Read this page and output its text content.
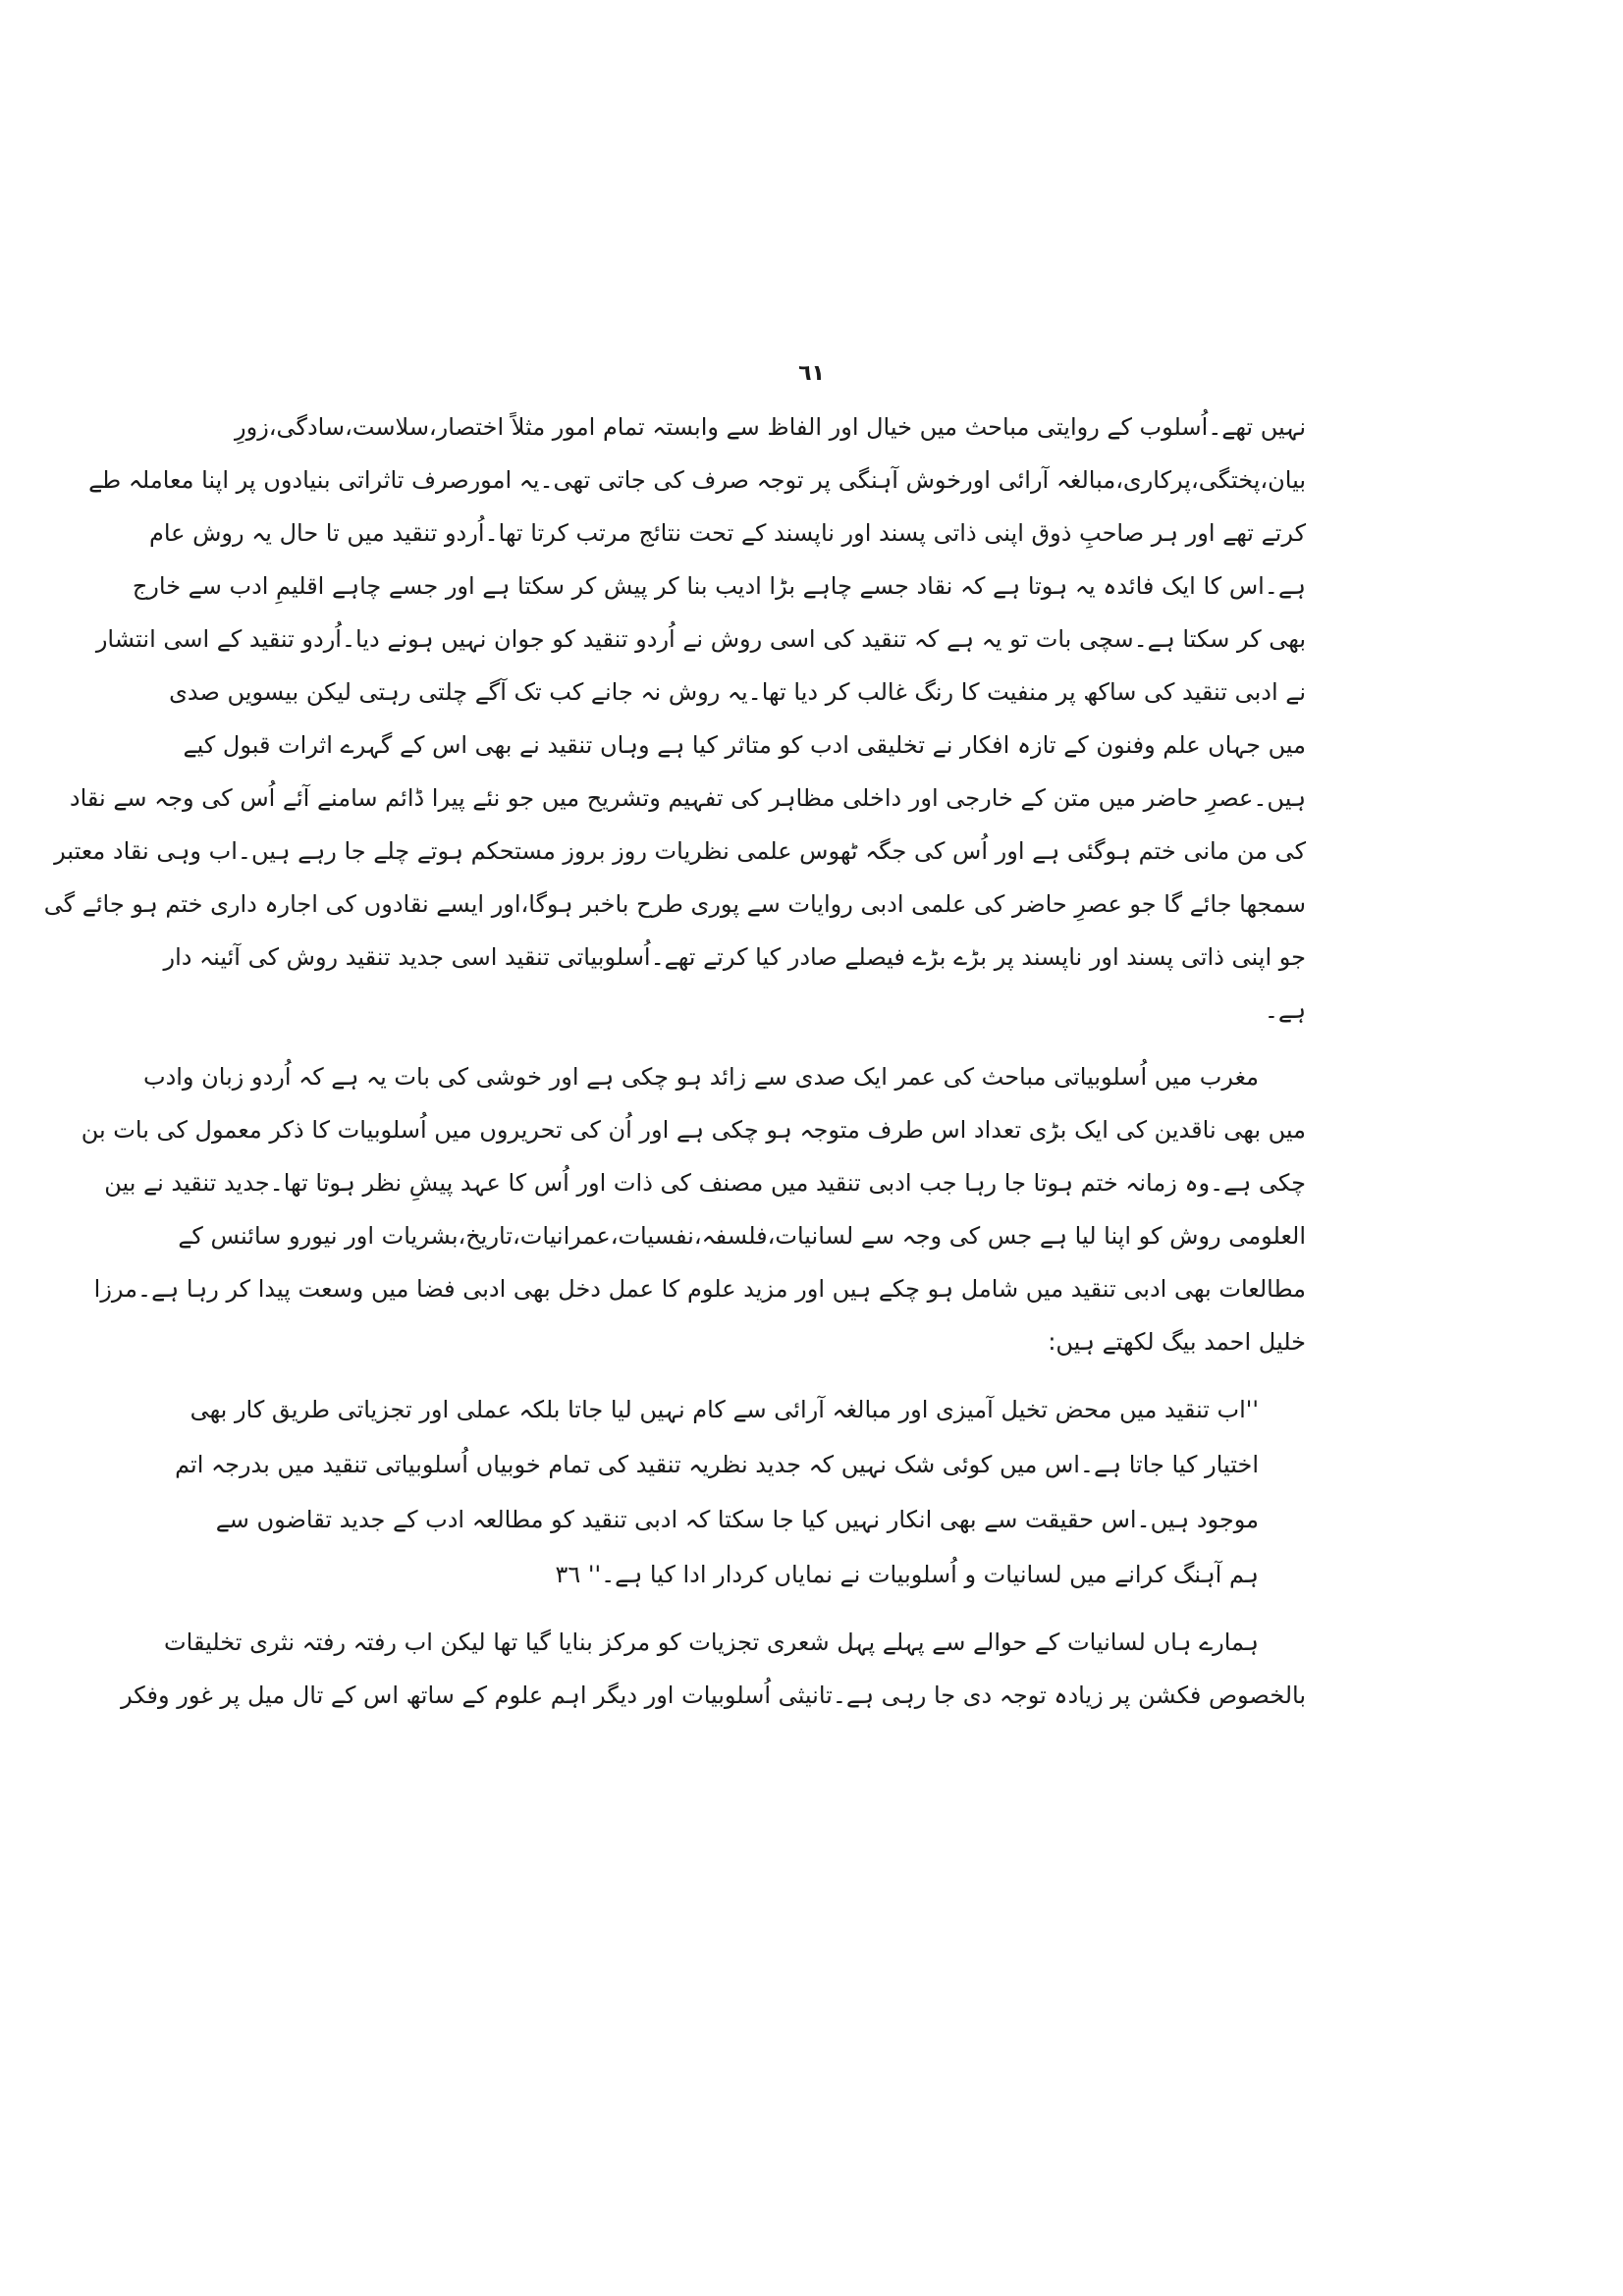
٦١
نہیں تھے۔اُسلوب کے روایتی مباحث میں خیال اور الفاظ سے وابستہ تمام امور مثلاً اختصار،سلاست،سادگی،زورِ
بیان،پختگی،پرکاری،مبالغہ آرائی اورخوش آہنگی پر توجہ صرف کی جاتی تھی۔یہ امورصرف تاثراتی بنیادوں پر اپنا معاملہ طے
کرتے تھے اور ہر صاحبِ ذوق اپنی ذاتی پسند اور ناپسند کے تحت نتائج مرتب کرتا تھا۔اُردو تنقید میں تا حال یہ روش عام
ہے۔اس کا ایک فائدہ یہ ہوتا ہے کہ نقاد جسے چاہے بڑا ادیب بنا کر پیش کر سکتا ہے اور جسے چاہے اقلیمِ ادب سے خارج
بھی کر سکتا ہے۔سچی بات تو یہ ہے کہ تنقید کی اسی روش نے اُردو تنقید کو جوان نہیں ہونے دیا۔اُردو تنقید کے اسی انتشار
نے ادبی تنقید کی ساکھ پر منفیت کا رنگ غالب کر دیا تھا۔یہ روش نہ جانے کب تک آگے چلتی رہتی لیکن بیسویں صدی
میں جہاں علم وفنون کے تازہ افکار نے تخلیقی ادب کو متاثر کیا ہے وہاں تنقید نے بھی اس کے گہرے اثرات قبول کیے
ہیں۔عصرِ حاضر میں متن کے خارجی اور داخلی مظاہر کی تفہیم وتشریح میں جو نئے پیرا ڈائم سامنے آئے اُس کی وجہ سے نقاد
کی من مانی ختم ہوگئی ہے اور اُس کی جگہ ٹھوس علمی نظریات روز بروز مستحکم ہوتے چلے جا رہے ہیں۔اب وہی نقاد معتبر
سمجھا جائے گا جو عصرِ حاضر کی علمی ادبی روایات سے پوری طرح باخبر ہوگا،اور ایسے نقادوں کی اجارہ داری ختم ہو جائے گی
جو اپنی ذاتی پسند اور ناپسند پر بڑے بڑے فیصلے صادر کیا کرتے تھے۔اُسلوبیاتی تنقید اسی جدید تنقید روش کی آئینہ دار
ہے۔
مغرب میں اُسلوبیاتی مباحث کی عمر ایک صدی سے زائد ہو چکی ہے اور خوشی کی بات یہ ہے کہ اُردو زبان وادب
میں بھی ناقدین کی ایک بڑی تعداد اس طرف متوجہ ہو چکی ہے اور اُن کی تحریروں میں اُسلوبیات کا ذکر معمول کی بات بن
چکی ہے۔وہ زمانہ ختم ہوتا جا رہا جب ادبی تنقید میں مصنف کی ذات اور اُس کا عہد پیشِ نظر ہوتا تھا۔جدید تنقید نے بین
العلومی روش کو اپنا لیا ہے جس کی وجہ سے لسانیات،فلسفہ،نفسیات،عمرانیات،تاریخ،بشریات اور نیورو سائنس کے
مطالعات بھی ادبی تنقید میں شامل ہو چکے ہیں اور مزید علوم کا عمل دخل بھی ادبی فضا میں وسعت پیدا کر رہا ہے۔مرزا
خلیل احمد بیگ لکھتے ہیں:
''اب تنقید میں محض تخیل آمیزی اور مبالغہ آرائی سے کام نہیں لیا جاتا بلکہ عملی اور تجزیاتی طریق کار بھی
اختیار کیا جاتا ہے۔اس میں کوئی شک نہیں کہ جدید نظریہ تنقید کی تمام خوبیاں اُسلوبیاتی تنقید میں بدرجہ اتم
موجود ہیں۔اس حقیقت سے بھی انکار نہیں کیا جا سکتا کہ ادبی تنقید کو مطالعہ ادب کے جدید تقاضوں سے
ہم آہنگ کرانے میں لسانیات و اُسلوبیات نے نمایاں کردار ادا کیا ہے۔'' ٣٦
ہمارے ہاں لسانیات کے حوالے سے پہلے پہل شعری تجزیات کو مرکز بنایا گیا تھا لیکن اب رفتہ رفتہ نثری تخلیقات
بالخصوص فکشن پر زیادہ توجہ دی جا رہی ہے۔تانیثی اُسلوبیات اور دیگر اہم علوم کے ساتھ اس کے تال میل پر غور وفکر
